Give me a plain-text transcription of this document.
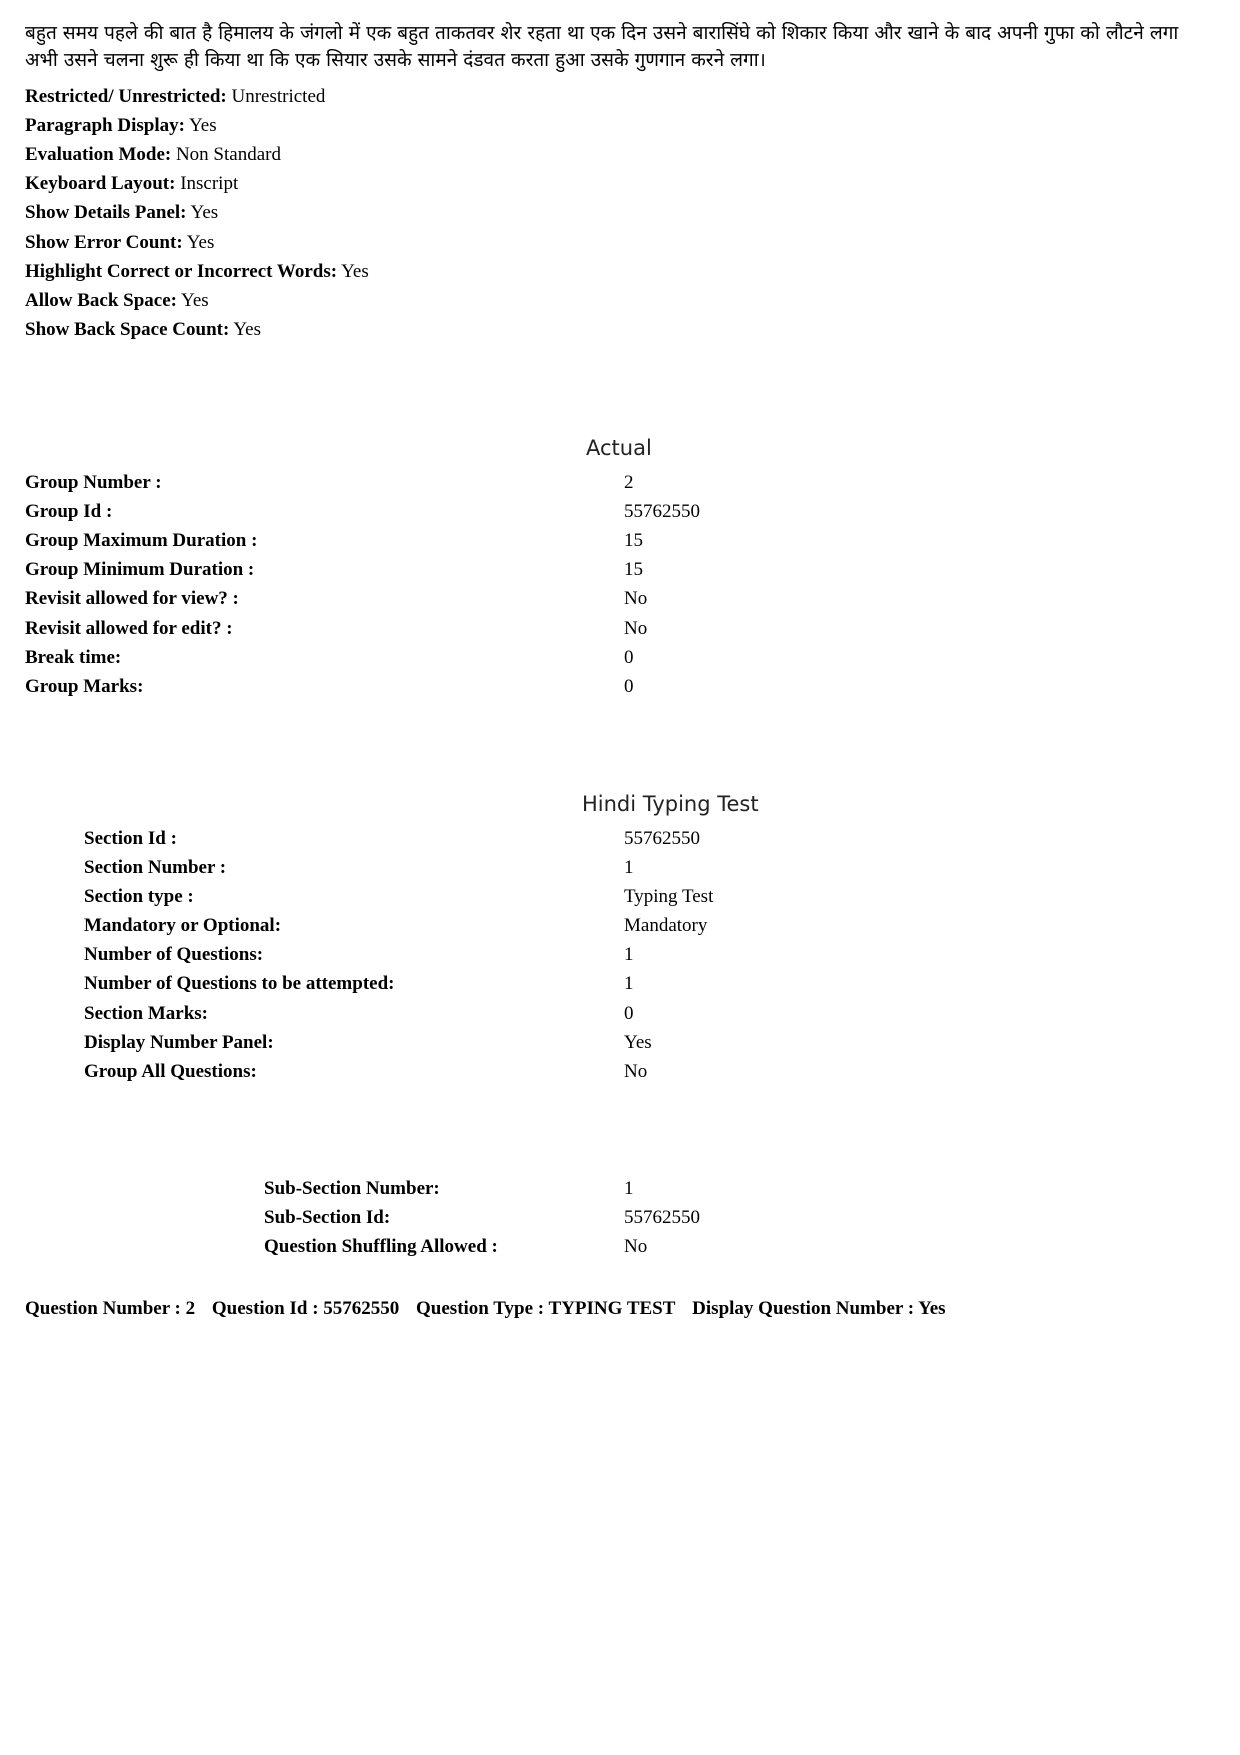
बहुत समय पहले की बात है हिमालय के जंगलो में एक बहुत ताकतवर शेर रहता था एक दिन उसने बारासिंघे को शिकार किया और खाने के बाद अपनी गुफा को लौटने लगा अभी उसने चलना शुरू ही किया था कि एक सियार उसके सामने दंडवत करता हुआ उसके गुणगान करने लगा।
Restricted/ Unrestricted: Unrestricted
Paragraph Display: Yes
Evaluation Mode: Non Standard
Keyboard Layout: Inscript
Show Details Panel: Yes
Show Error Count: Yes
Highlight Correct or Incorrect Words: Yes
Allow Back Space: Yes
Show Back Space Count: Yes
Actual
Group Number :	2
Group Id :	55762550
Group Maximum Duration :	15
Group Minimum Duration :	15
Revisit allowed for view? :	No
Revisit allowed for edit? :	No
Break time:	0
Group Marks:	0
Hindi Typing Test
Section Id :	55762550
Section Number :	1
Section type :	Typing Test
Mandatory or Optional:	Mandatory
Number of Questions:	1
Number of Questions to be attempted:	1
Section Marks:	0
Display Number Panel:	Yes
Group All Questions:	No
Sub-Section Number:	1
Sub-Section Id:	55762550
Question Shuffling Allowed :	No
Question Number : 2 Question Id : 55762550 Question Type : TYPING TEST Display Question Number : Yes
